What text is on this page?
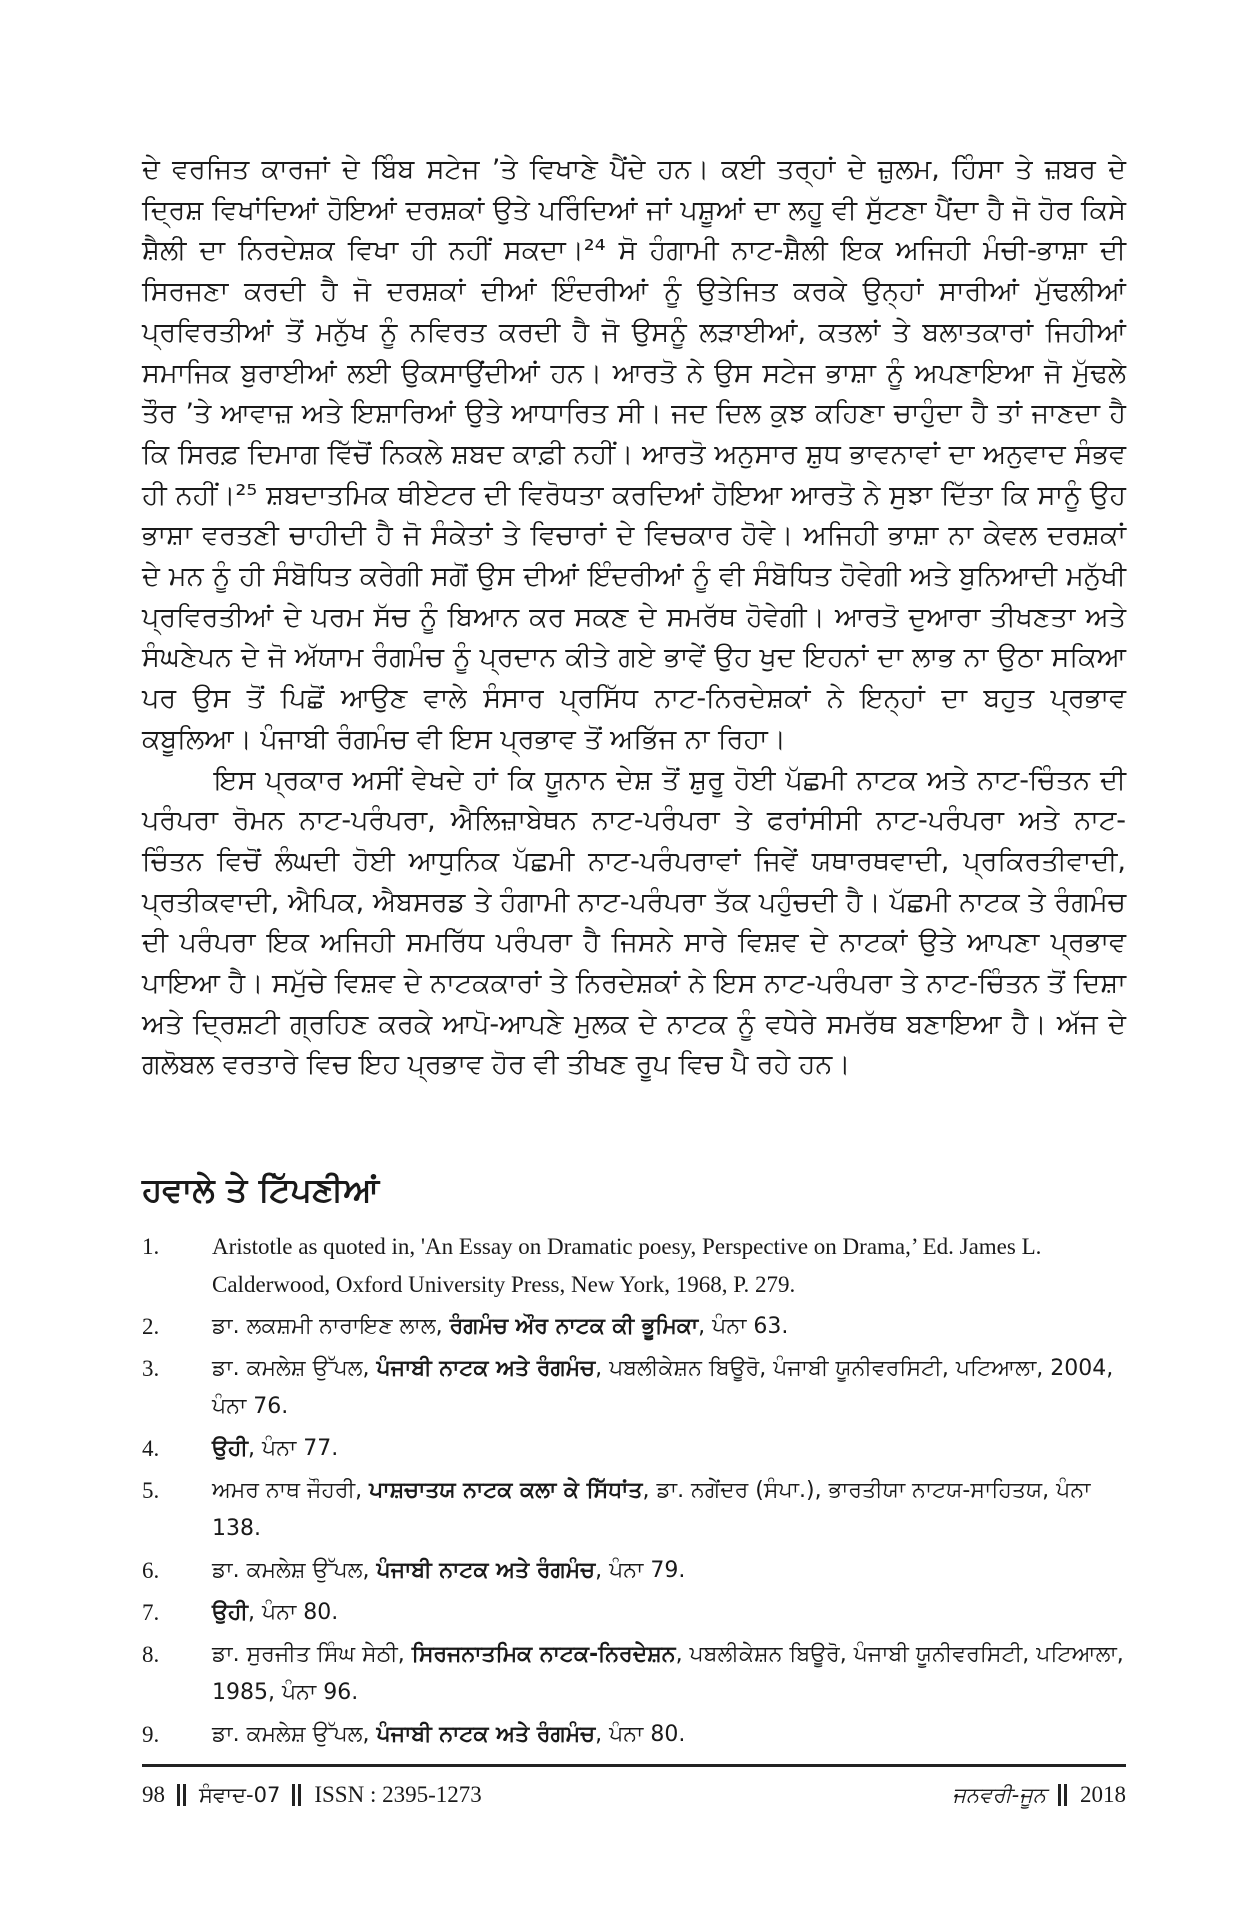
ਦੇ ਵਰਜਿਤ ਕਾਰਜਾਂ ਦੇ ਬਿੰਬ ਸਟੇਜ ’ਤੇ ਵਿਖਾਣੇ ਪੈਂਦੇ ਹਨ। ਕਈ ਤਰ੍ਹਾਂ ਦੇ ਜ਼ੁਲਮ, ਹਿੰਸਾ ਤੇ ਜ਼ਬਰ ਦੇ ਦ੍ਰਿਸ਼ ਵਿਖਾਂਦਿਆਂ ਹੋਇਆਂ ਦਰਸ਼ਕਾਂ ਉਤੇ ਪਰਿੰਦਿਆਂ ਜਾਂ ਪਸ਼ੂਆਂ ਦਾ ਲਹੂ ਵੀ ਸੁੱਟਣਾ ਪੈਂਦਾ ਹੈ ਜੋ ਹੋਰ ਕਿਸੇ ਸ਼ੈਲੀ ਦਾ ਨਿਰਦੇਸ਼ਕ ਵਿਖਾ ਹੀ ਨਹੀਂ ਸਕਦਾ।²⁴ ਸੋ ਹੰਗਾਮੀ ਨਾਟ-ਸ਼ੈਲੀ ਇਕ ਅਜਿਹੀ ਮੰਚੀ-ਭਾਸ਼ਾ ਦੀ ਸਿਰਜਣਾ ਕਰਦੀ ਹੈ ਜੋ ਦਰਸ਼ਕਾਂ ਦੀਆਂ ਇੰਦਰੀਆਂ ਨੂੰ ਉਤੇਜਿਤ ਕਰਕੇ ਉਨ੍ਹਾਂ ਸਾਰੀਆਂ ਮੁੱਢਲੀਆਂ ਪ੍ਰਵਿਰਤੀਆਂ ਤੋਂ ਮਨੁੱਖ ਨੂੰ ਨਵਿਰਤ ਕਰਦੀ ਹੈ ਜੋ ਉਸਨੂੰ ਲੜਾਈਆਂ, ਕਤਲਾਂ ਤੇ ਬਲਾਤਕਾਰਾਂ ਜਿਹੀਆਂ ਸਮਾਜਿਕ ਬੁਰਾਈਆਂ ਲਈ ਉਕਸਾਉਂਦੀਆਂ ਹਨ। ਆਰਤੋ ਨੇ ਉਸ ਸਟੇਜ ਭਾਸ਼ਾ ਨੂੰ ਅਪਣਾਇਆ ਜੋ ਮੁੱਢਲੇ ਤੌਰ ’ਤੇ ਆਵਾਜ਼ ਅਤੇ ਇਸ਼ਾਰਿਆਂ ਉਤੇ ਆਧਾਰਿਤ ਸੀ। ਜਦ ਦਿਲ ਕੁਝ ਕਹਿਣਾ ਚਾਹੁੰਦਾ ਹੈ ਤਾਂ ਜਾਣਦਾ ਹੈ ਕਿ ਸਿਰਫ਼ ਦਿਮਾਗ ਵਿੱਚੋਂ ਨਿਕਲੇ ਸ਼ਬਦ ਕਾਫ਼ੀ ਨਹੀਂ। ਆਰਤੋ ਅਨੁਸਾਰ ਸ਼ੁਧ ਭਾਵਨਾਵਾਂ ਦਾ ਅਨੁਵਾਦ ਸੰਭਵ ਹੀ ਨਹੀਂ।²⁵ ਸ਼ਬਦਾਤਮਿਕ ਥੀਏਟਰ ਦੀ ਵਿਰੋਧਤਾ ਕਰਦਿਆਂ ਹੋਇਆ ਆਰਤੋ ਨੇ ਸੁਝਾ ਦਿੱਤਾ ਕਿ ਸਾਨੂੰ ਉਹ ਭਾਸ਼ਾ ਵਰਤਣੀ ਚਾਹੀਦੀ ਹੈ ਜੋ ਸੰਕੇਤਾਂ ਤੇ ਵਿਚਾਰਾਂ ਦੇ ਵਿਚਕਾਰ ਹੋਵੇ। ਅਜਿਹੀ ਭਾਸ਼ਾ ਨਾ ਕੇਵਲ ਦਰਸ਼ਕਾਂ ਦੇ ਮਨ ਨੂੰ ਹੀ ਸੰਬੋਧਿਤ ਕਰੇਗੀ ਸਗੋਂ ਉਸ ਦੀਆਂ ਇੰਦਰੀਆਂ ਨੂੰ ਵੀ ਸੰਬੋਧਿਤ ਹੋਵੇਗੀ ਅਤੇ ਬੁਨਿਆਦੀ ਮਨੁੱਖੀ ਪ੍ਰਵਿਰਤੀਆਂ ਦੇ ਪਰਮ ਸੱਚ ਨੂੰ ਬਿਆਨ ਕਰ ਸਕਣ ਦੇ ਸਮਰੱਥ ਹੋਵੇਗੀ। ਆਰਤੋ ਦੁਆਰਾ ਤੀਖਣਤਾ ਅਤੇ ਸੰਘਣੇਪਨ ਦੇ ਜੋ ਅੱਯਾਮ ਰੰਗਮੰਚ ਨੂੰ ਪ੍ਰਦਾਨ ਕੀਤੇ ਗਏ ਭਾਵੇਂ ਉਹ ਖੁਦ ਇਹਨਾਂ ਦਾ ਲਾਭ ਨਾ ਉਠਾ ਸਕਿਆ ਪਰ ਉਸ ਤੋਂ ਪਿਛੋਂ ਆਉਣ ਵਾਲੇ ਸੰਸਾਰ ਪ੍ਰਸਿੱਧ ਨਾਟ-ਨਿਰਦੇਸ਼ਕਾਂ ਨੇ ਇਨ੍ਹਾਂ ਦਾ ਬਹੁਤ ਪ੍ਰਭਾਵ ਕਬੂਲਿਆ। ਪੰਜਾਬੀ ਰੰਗਮੰਚ ਵੀ ਇਸ ਪ੍ਰਭਾਵ ਤੋਂ ਅਭਿੱਜ ਨਾ ਰਿਹਾ।

ਇਸ ਪ੍ਰਕਾਰ ਅਸੀਂ ਵੇਖਦੇ ਹਾਂ ਕਿ ਯੂਨਾਨ ਦੇਸ਼ ਤੋਂ ਸ਼ੁਰੂ ਹੋਈ ਪੱਛਮੀ ਨਾਟਕ ਅਤੇ ਨਾਟ-ਚਿੰਤਨ ਦੀ ਪਰੰਪਰਾ ਰੋਮਨ ਨਾਟ-ਪਰੰਪਰਾ, ਐਲਿਜ਼ਾਬੇਥਨ ਨਾਟ-ਪਰੰਪਰਾ ਤੇ ਫਰਾਂਸੀਸੀ ਨਾਟ-ਪਰੰਪਰਾ ਅਤੇ ਨਾਟ-ਚਿੰਤਨ ਵਿਚੋਂ ਲੰਘਦੀ ਹੋਈ ਆਧੁਨਿਕ ਪੱਛਮੀ ਨਾਟ-ਪਰੰਪਰਾਵਾਂ ਜਿਵੇਂ ਯਥਾਰਥਵਾਦੀ, ਪ੍ਰਕਿਰਤੀਵਾਦੀ, ਪ੍ਰਤੀਕਵਾਦੀ, ਐਪਿਕ, ਐਬਸਰਡ ਤੇ ਹੰਗਾਮੀ ਨਾਟ-ਪਰੰਪਰਾ ਤੱਕ ਪਹੁੰਚਦੀ ਹੈ। ਪੱਛਮੀ ਨਾਟਕ ਤੇ ਰੰਗਮੰਚ ਦੀ ਪਰੰਪਰਾ ਇਕ ਅਜਿਹੀ ਸਮਰਿੱਧ ਪਰੰਪਰਾ ਹੈ ਜਿਸਨੇ ਸਾਰੇ ਵਿਸ਼ਵ ਦੇ ਨਾਟਕਾਂ ਉਤੇ ਆਪਣਾ ਪ੍ਰਭਾਵ ਪਾਇਆ ਹੈ। ਸਮੁੱਚੇ ਵਿਸ਼ਵ ਦੇ ਨਾਟਕਕਾਰਾਂ ਤੇ ਨਿਰਦੇਸ਼ਕਾਂ ਨੇ ਇਸ ਨਾਟ-ਪਰੰਪਰਾ ਤੇ ਨਾਟ-ਚਿੰਤਨ ਤੋਂ ਦਿਸ਼ਾ ਅਤੇ ਦ੍ਰਿਸ਼ਟੀ ਗ੍ਰਹਿਣ ਕਰਕੇ ਆਪੋ-ਆਪਣੇ ਮੁਲਕ ਦੇ ਨਾਟਕ ਨੂੰ ਵਧੇਰੇ ਸਮਰੱਥ ਬਣਾਇਆ ਹੈ। ਅੱਜ ਦੇ ਗਲੋਬਲ ਵਰਤਾਰੇ ਵਿਚ ਇਹ ਪ੍ਰਭਾਵ ਹੋਰ ਵੀ ਤੀਖਣ ਰੂਪ ਵਿਚ ਪੈ ਰਹੇ ਹਨ।

ਹਵਾਲੇ ਤੇ ਟਿੱਪਣੀਆਂ
1.	Aristotle as quoted in, 'An Essay on Dramatic poesy, Perspective on Drama,’ Ed. James L. Calderwood, Oxford University Press, New York, 1968, P. 279.
2.	ਡਾ. ਲਕਸ਼ਮੀ ਨਾਰਾਇਣ ਲਾਲ, ਰੰਗਮੰਚ ਔਰ ਨਾਟਕ ਕੀ ਭੂਮਿਕਾ, ਪੰਨਾ 63.
3.	ਡਾ. ਕਮਲੇਸ਼ ਉੱਪਲ, ਪੰਜਾਬੀ ਨਾਟਕ ਅਤੇ ਰੰਗਮੰਚ, ਪਬਲੀਕੇਸ਼ਨ ਬਿਊਰੋ, ਪੰਜਾਬੀ ਯੂਨੀਵਰਸਿਟੀ, ਪਟਿਆਲਾ, 2004, ਪੰਨਾ 76.
4.	ਉਹੀ, ਪੰਨਾ 77.
5.	ਅਮਰ ਨਾਥ ਜੌਹਰੀ, ਪਾਸ਼ਚਾਤਯ ਨਾਟਕ ਕਲਾ ਕੇ ਸਿੱਧਾਂਤ, ਡਾ. ਨਗੇਂਦਰ (ਸੰਪਾ.), ਭਾਰਤੀਯਾ ਨਾਟਯ-ਸਾਹਿਤਯ, ਪੰਨਾ 138.
6.	ਡਾ. ਕਮਲੇਸ਼ ਉੱਪਲ, ਪੰਜਾਬੀ ਨਾਟਕ ਅਤੇ ਰੰਗਮੰਚ, ਪੰਨਾ 79.
7.	ਉਹੀ, ਪੰਨਾ 80.
8.	ਡਾ. ਸੁਰਜੀਤ ਸਿੰਘ ਸੇਠੀ, ਸਿਰਜਨਾਤਮਿਕ ਨਾਟਕ-ਨਿਰਦੇਸ਼ਨ, ਪਬਲੀਕੇਸ਼ਨ ਬਿਊਰੋ, ਪੰਜਾਬੀ ਯੂਨੀਵਰਸਿਟੀ, ਪਟਿਆਲਾ, 1985, ਪੰਨਾ 96.
9.	ਡਾ. ਕਮਲੇਸ਼ ਉੱਪਲ, ਪੰਜਾਬੀ ਨਾਟਕ ਅਤੇ ਰੰਗਮੰਚ, ਪੰਨਾ 80.
98 ਸੰਵਾਦ-07 ISSN : 2395-1273	ਜਨਵਰੀ-ਜੂਨ 2018
